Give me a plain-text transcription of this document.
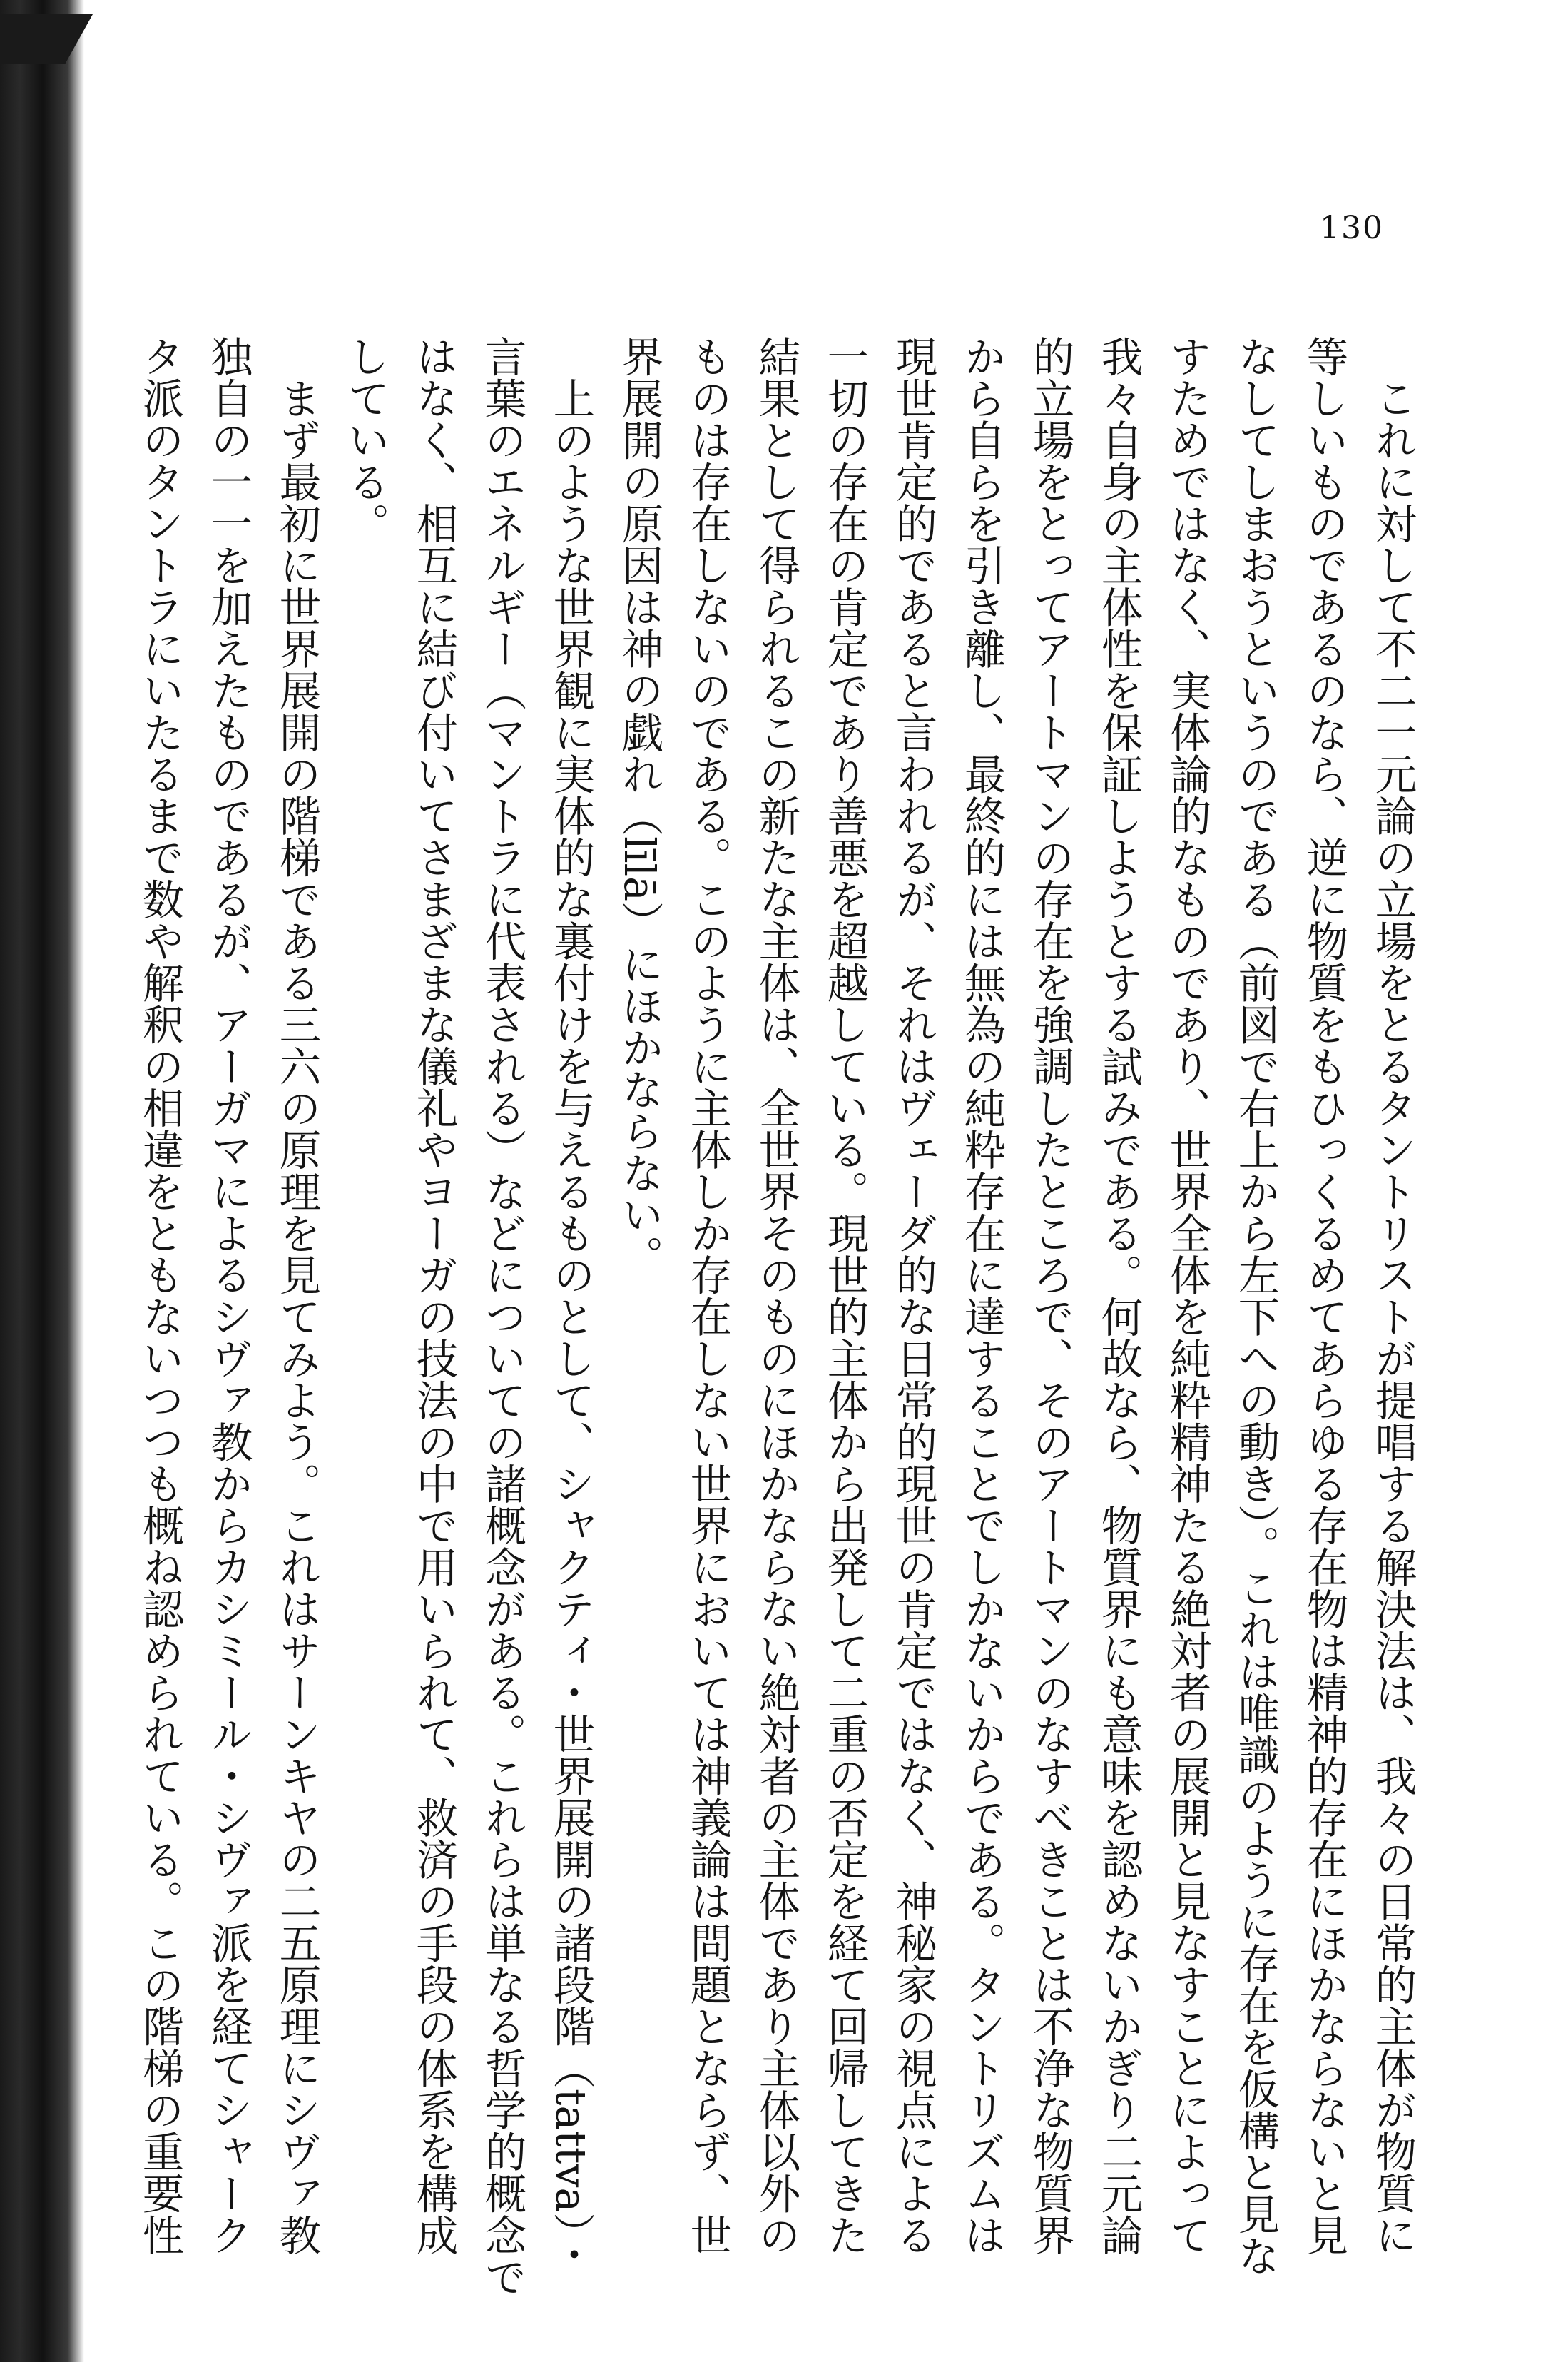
130
　これに対して不二一元論の立場をとるタントリストが提唱する解決法は、我々の日常的主体が物質に
等しいものであるのなら、逆に物質をもひっくるめてあらゆる存在物は精神的存在にほかならないと見
なしてしまおうというのである（前図で右上から左下への動き）。これは唯識のように存在を仮構と見な
すためではなく、実体論的なものであり、世界全体を純粋精神たる絶対者の展開と見なすことによって
我々自身の主体性を保証しようとする試みである。何故なら、物質界にも意味を認めないかぎり二元論
的立場をとってアートマンの存在を強調したところで、そのアートマンのなすべきことは不浄な物質界
から自らを引き離し、最終的には無為の純粋存在に達することでしかないからである。タントリズムは
現世肯定的であると言われるが、それはヴェーダ的な日常的現世の肯定ではなく、神秘家の視点による
一切の存在の肯定であり善悪を超越している。現世的主体から出発して二重の否定を経て回帰してきた
結果として得られるこの新たな主体は、全世界そのものにほかならない絶対者の主体であり主体以外の
ものは存在しないのである。このように主体しか存在しない世界においては神義論は問題とならず、世
界展開の原因は神の戯れ（līlā）にほかならない。
　上のような世界観に実体的な裏付けを与えるものとして、シャクティ・世界展開の諸段階（tattva）・
言葉のエネルギー（マントラに代表される）などについての諸概念がある。これらは単なる哲学的概念で
はなく、相互に結び付いてさまざまな儀礼やヨーガの技法の中で用いられて、救済の手段の体系を構成
している。
　まず最初に世界展開の階梯である三六の原理を見てみよう。これはサーンキヤの二五原理にシヴァ教
独自の一一を加えたものであるが、アーガマによるシヴァ教からカシミール・シヴァ派を経てシャーク
タ派のタントラにいたるまで数や解釈の相違をともないつつも概ね認められている。この階梯の重要性
